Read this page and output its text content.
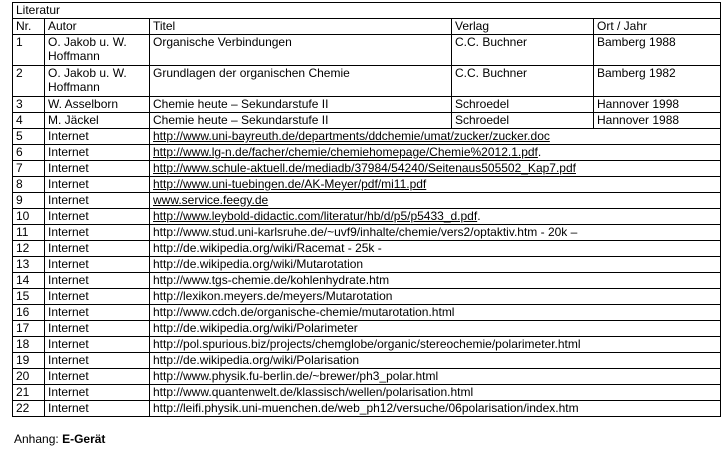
Literatur				
Nr.	Autor	Titel	Verlag	Ort / Jahr
1	O. Jakob u. W. Hoffmann	Organische Verbindungen	C.C. Buchner	Bamberg 1988
2	O. Jakob u. W. Hoffmann	Grundlagen der organischen Chemie	C.C. Buchner	Bamberg 1982
3	W. Asselborn	Chemie heute – Sekundarstufe II	Schroedel	Hannover 1998
4	M. Jäckel	Chemie heute – Sekundarstufe II	Schroedel	Hannover 1988
5	Internet	http://www.uni-bayreuth.de/departments/ddchemie/umat/zucker/zucker.doc		
6	Internet	http://www.lg-n.de/facher/chemie/chemiehomepage/Chemie%2012.1.pdf.		
7	Internet	http://www.schule-aktuell.de/mediadb/37984/54240/Seitenaus505502_Kap7.pdf		
8	Internet	http://www.uni-tuebingen.de/AK-Meyer/pdf/mi11.pdf		
9	Internet	www.service.feegy.de		
10	Internet	http://www.leybold-didactic.com/literatur/hb/d/p5/p5433_d.pdf.		
11	Internet	http://www.stud.uni-karlsruhe.de/~uvf9/inhalte/chemie/vers2/optaktiv.htm - 20k –		
12	Internet	http://de.wikipedia.org/wiki/Racemat - 25k -		
13	Internet	http://de.wikipedia.org/wiki/Mutarotation		
14	Internet	http://www.tgs-chemie.de/kohlenhydrate.htm		
15	Internet	http://lexikon.meyers.de/meyers/Mutarotation		
16	Internet	http://www.cdch.de/organische-chemie/mutarotation.html		
17	Internet	http://de.wikipedia.org/wiki/Polarimeter		
18	Internet	http://pol.spurious.biz/projects/chemglobe/organic/stereochemie/polarimeter.html		
19	Internet	http://de.wikipedia.org/wiki/Polarisation		
20	Internet	http://www.physik.fu-berlin.de/~brewer/ph3_polar.html		
21	Internet	http://www.quantenwelt.de/klassisch/wellen/polarisation.html		
22	Internet	http://leifi.physik.uni-muenchen.de/web_ph12/versuche/06polarisation/index.htm		
Anhang: E-Gerät
